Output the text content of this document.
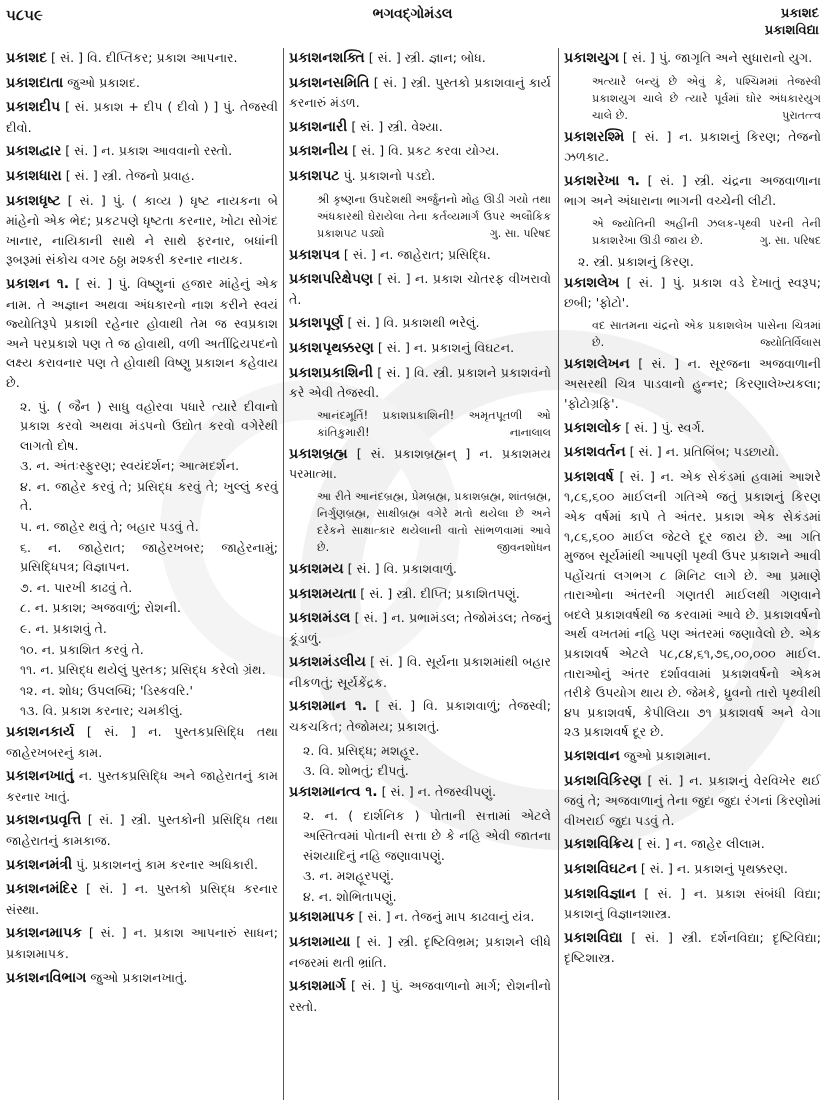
૫૮૫૯	ભગવદ્ગોમંડલ	પ્રકાશદ
પ્રકાશવિદ્યા
પ્રકાશદ [ સં. ] વિ. દીપ્તિકર; પ્રકાશ આપનાર.
પ્રકાશદાતા જુઓ પ્રકાશદ.
પ્રકાશદીપ [ સં. પ્રકાશ + દીપ ( દીવો ) ] પું. તેજસ્વી દીવો.
પ્રકાશદ્વાર [ સં. ] ન. પ્રકાશ આવવાનો રસ્તો.
પ્રકાશધારા [ સં. ] સ્ત્રી. તેજનો પ્રવાહ.
પ્રકાશધૃષ્ટ [ સં. ] પું. ( કાવ્ય ) ધૃષ્ટ નાયકના બે માંહેનો એક ભેદ; પ્રકટપણે ધૃષ્ટતા કરનાર, ખોટા સોગંદ ખાનાર, નાયિકાની સાથે ને સાથે ફરનાર, બધાંની રૂબરૂમાં સંકોચ વગર ઠઠ્ઠા મશ્કરી કરનાર નાયક.
પ્રકાશન ૧. [ સં. ] પું. વિષ્ણુનાં હજાર માંહેનું એક નામ. તે અજ્ઞાન અથવા અંધકારનો નાશ કરીને સ્વયં જ્યોતિરૂપે પ્રકાશી રહેનાર હોવાથી તેમ જ સ્વપ્રકાશ અને પરપ્રકાશે પણ તે જ હોવાથી, વળી અતીંદ્રિયપદનો લક્ષ્ય કરાવનાર પણ તે હોવાથી વિષ્ણુ પ્રકાશન કહેવાય છે.
૨. પું. ( જૈન ) સાધુ વહોરવા પધારે ત્યારે દીવાનો પ્રકાશ કરવો અથવા મંડપનો ઉદ્યોત કરવો વગેરેથી લાગતો દોષ.
૩. ન. અંતઃસ્ફુરણ; સ્વયંદર્શન; આત્મદર્શન.
૪. ન. જાહેર કરવું તે; પ્રસિદ્ધ કરવું તે; ખુલ્લું કરવું તે.
૫. ન. જાહેર થવું તે; બહાર પડવું તે.
૬. ન. જાહેરાત; જાહેરખબર; જાહેરનામું; પ્રસિદ્ધિપત્ર; વિજ્ઞાપન.
૭. ન. પારખી કાઢવું તે.
૮. ન. પ્રકાશ; અજવાળું; રોશની.
૯. ન. પ્રકાશવું તે.
૧૦. ન. પ્રકાશિત કરવું તે.
૧૧. ન. પ્રસિદ્ધ થયેલું પુસ્તક; પ્રસિદ્ધ કરેલો ગ્રંથ.
૧૨. ન. શોધ; ઉપલબ્ધિ; 'ડિસ્કવરિ.'
૧૩. વિ. પ્રકાશ કરનાર; ચમકીલું.
પ્રકાશનકાર્ય [ સં. ] ન. પુસ્તકપ્રસિદ્ધિ તથા જાહેરખબરનું કામ.
પ્રકાશનખાતું ન. પુસ્તકપ્રસિદ્ધિ અને જાહેરાતનું કામ કરનાર ખાતું.
પ્રકાશનપ્રવૃત્તિ [ સં. ] સ્ત્રી. પુસ્તકોની પ્રસિદ્ધિ તથા જાહેરાતનું કામકાજ.
પ્રકાશનમંત્રી પું. પ્રકાશનનું કામ કરનાર અધિકારી.
પ્રકાશનમંદિર [ સં. ] ન. પુસ્તકો પ્રસિદ્ધ કરનાર સંસ્થા.
પ્રકાશનમાપક [ સં. ] ન. પ્રકાશ આપનારું સાધન; પ્રકાશમાપક.
પ્રકાશનવિભાગ જુઓ પ્રકાશનખાતું.
પ્રકાશનશક્તિ [ સં. ] સ્ત્રી. જ્ઞાન; બોધ.
પ્રકાશનસમિતિ [ સં. ] સ્ત્રી. પુસ્તકો પ્રકાશવાનું કાર્ય કરનારું મંડળ.
પ્રકાશનારી [ સં. ] સ્ત્રી. વેશ્યા.
પ્રકાશનીય [ સં. ] વિ. પ્રકટ કરવા યોગ્ય.
પ્રકાશપટ પું. પ્રકાશનો પડદો.
શ્રી કૃષ્ણના ઉપદેશથી અર્જુનનો મોહ ઊડી ગયો તથા અંધકારથી ઘેરાયેલા તેના કર્તવ્યમાર્ગ ઉપર અલૌકિક પ્રકાશપટ પડ્યો	ગુ. સા. પરિષદ
પ્રકાશપત્ર [ સં. ] ન. જાહેરાત; પ્રસિદ્ધિ.
પ્રકાશપરિક્ષેપણ [ સં. ] ન. પ્રકાશ ચોતરફ વીખરાવો તે.
પ્રકાશપૂર્ણ [ સં. ] વિ. પ્રકાશથી ભરેલું.
પ્રકાશપૃથક્કરણ [ સં. ] ન. પ્રકાશનું વિઘટન.
પ્રકાશપ્રકાશિની [ સં. ] વિ. સ્ત્રી. પ્રકાશને પ્રકાશવંનો કરે એવી તેજસ્વી.
આનંદમૂર્તિ! પ્રકાશપ્રકાશિની! અમૃતપૂતળી ઓ કાંતિકુમારી!	નાનાલાલ
પ્રકાશબ્રહ્મ [ સં. પ્રકાશબ્રહ્મન્ ] ન. પ્રકાશમય પરમાત્મા.
આ રીતે આનંદબ્રહ્મ, પ્રેમબ્રહ્મ, પ્રકાશબ્રહ્મ, શાંતબ્રહ્મ, નિર્ગુણબ્રહ્મ, સાક્ષીબ્રહ્મ વગેરે મતો થયેલા છે અને દરેકને સાક્ષાત્કાર થયેલાની વાતો સાંભળવામાં આવે છે.	જીવનશોધન
પ્રકાશમય [ સં. ] વિ. પ્રકાશવાળું.
પ્રકાશમયતા [ સં. ] સ્ત્રી. દીપ્તિ; પ્રકાશિતપણું.
પ્રકાશમંડલ [ સં. ] ન. પ્રભામંડલ; તેજોમંડલ; તેજનું કૂંડાળું.
પ્રકાશમંડલીય [ સં. ] વિ. સૂર્યના પ્રકાશમાંથી બહાર નીકળતું; સૂર્યકેંદ્રક.
પ્રકાશમાન ૧. [ સં. ] વિ. પ્રકાશવાળું; તેજસ્વી; ચકચકિત; તેજોમય; પ્રકાશતું.
૨. વિ. પ્રસિદ્ધ; મશહૂર.
૩. વિ. શોભતું; દીપતું.
પ્રકાશમાનત્વ ૧. [ સં. ] ન. તેજસ્વીપણું.
૨. ન. ( દાર્શનિક ) પોતાની સત્તામાં એટલે અસ્તિત્વમાં પોતાની સત્તા છે કે નહિ એવી જાતના સંશયાદિનું નહિ જણાવાપણું.
૩. ન. મશહૂરપણું.
૪. ન. શોભિતાપણું.
પ્રકાશમાપક [ સં. ] ન. તેજનું માપ કાઢવાનું યંત્ર.
પ્રકાશમાયા [ સં. ] સ્ત્રી. દૃષ્ટિવિભ્રમ; પ્રકાશને લીધે નજરમાં થતી ભ્રાંતિ.
પ્રકાશમાર્ગ [ સં. ] પું. અજવાળાનો માર્ગ; રોશનીનો રસ્તો.
પ્રકાશયુગ [ સં. ] પું. જાગૃતિ અને સુધારાનો યુગ.
અત્યારે બન્યું છે એવું કે, પશ્ચિમમાં તેજસ્વી પ્રકાશયુગ ચાલે છે ત્યારે પૂર્વમાં ઘોર અંધકારયુગ ચાલે છે.	પુરાતત્ત્વ
પ્રકાશરશ્મિ [ સં. ] ન. પ્રકાશનું કિરણ; તેજનો ઝળકાટ.
પ્રકાશરેખા ૧. [ સં. ] સ્ત્રી. ચંદ્રના અજવાળાના ભાગ અને અંધારાના ભાગની વચ્ચેની લીટી.
એ જ્યોતિની અહીંની ઝલક-પૃથ્વી પરની તેની પ્રકાશરેખા ઊડી જાય છે.	ગુ. સા. પરિષદ
૨. સ્ત્રી. પ્રકાશનું કિરણ.
પ્રકાશલેખ [ સં. ] પું. પ્રકાશ વડે દેખાતું સ્વરૂપ; છબી; 'ફોટો'.
વદ સાતમના ચંદ્રનો એક પ્રકાશલેખ પાસેના ચિત્રમાં છે.	જ્યોતિર્વિલાસ
પ્રકાશલેખન [ સં. ] ન. સૂરજના અજવાળાની અસરથી ચિત્ર પાડવાનો હુન્નર; કિરણાલેખ્યકલા; 'ફોટોગ્રફિ'.
પ્રકાશલોક [ સં. ] પું. સ્વર્ગ.
પ્રકાશવર્તન [ સં. ] ન. પ્રતિબિંબ; પડછાયો.
પ્રકાશવર્ષ [ સં. ] ન. એક સેકંડમાં હવામાં આશરે ૧,૮૬,૬૦૦ માઈલની ગતિએ જતું પ્રકાશનું કિરણ એક વર્ષમાં કાપે તે અંતર. પ્રકાશ એક સેકંડમાં ૧,૮૬,૬૦૦ માઈલ જેટલે દૂર જાય છે. આ ગતિ મુજબ સૂર્યમાંથી આપણી પૃથ્વી ઉપર પ્રકાશને આવી પહોંચતાં લગભગ ૮ મિનિટ લાગે છે. આ પ્રમાણે તારાઓના અંતરની ગણતરી માઈલથી ગણવાને બદલે પ્રકાશવર્ષથી જ કરવામાં આવે છે. પ્રકાશવર્ષનો અર્થ વખતમાં નહિ પણ અંતરમાં જણાવેલો છે. એક પ્રકાશવર્ષ એટલે ૫૮,૮૪,૬૧,૭૬,૦૦,૦૦૦ માઈલ. તારાઓનું અંતર દર્શાવવામાં પ્રકાશવર્ષનો એકમ તરીકે ઉપયોગ થાય છે. જેમકે, ધ્રુવનો તારો પૃથ્વીથી ૪૫ પ્રકાશવર્ષ, કેપીલિયા ૭૧ પ્રકાશવર્ષ અને વેગા ૨૩ પ્રકાશવર્ષ દૂર છે.
પ્રકાશવાન જુઓ પ્રકાશમાન.
પ્રકાશવિકિરણ [ સં. ] ન. પ્રકાશનું વેરવિખેર થઈ જવું તે; અજવાળાનું તેના જુદા જુદા રંગનાં કિરણોમાં વીખરાઈ જુદા પડવું તે.
પ્રકાશવિક્રિય [ સં. ] ન. જાહેર લીલામ.
પ્રકાશવિઘટન [ સં. ] ન. પ્રકાશનું પૃથક્કરણ.
પ્રકાશવિજ્ઞાન [ સં. ] ન. પ્રકાશ સંબંધી વિદ્યા; પ્રકાશનું વિજ્ઞાનશાસ્ત્ર.
પ્રકાશવિદ્યા [ સં. ] સ્ત્રી. દર્શનવિદ્યા; દૃષ્ટિવિદ્યા; દૃષ્ટિશાસ્ત્ર.
